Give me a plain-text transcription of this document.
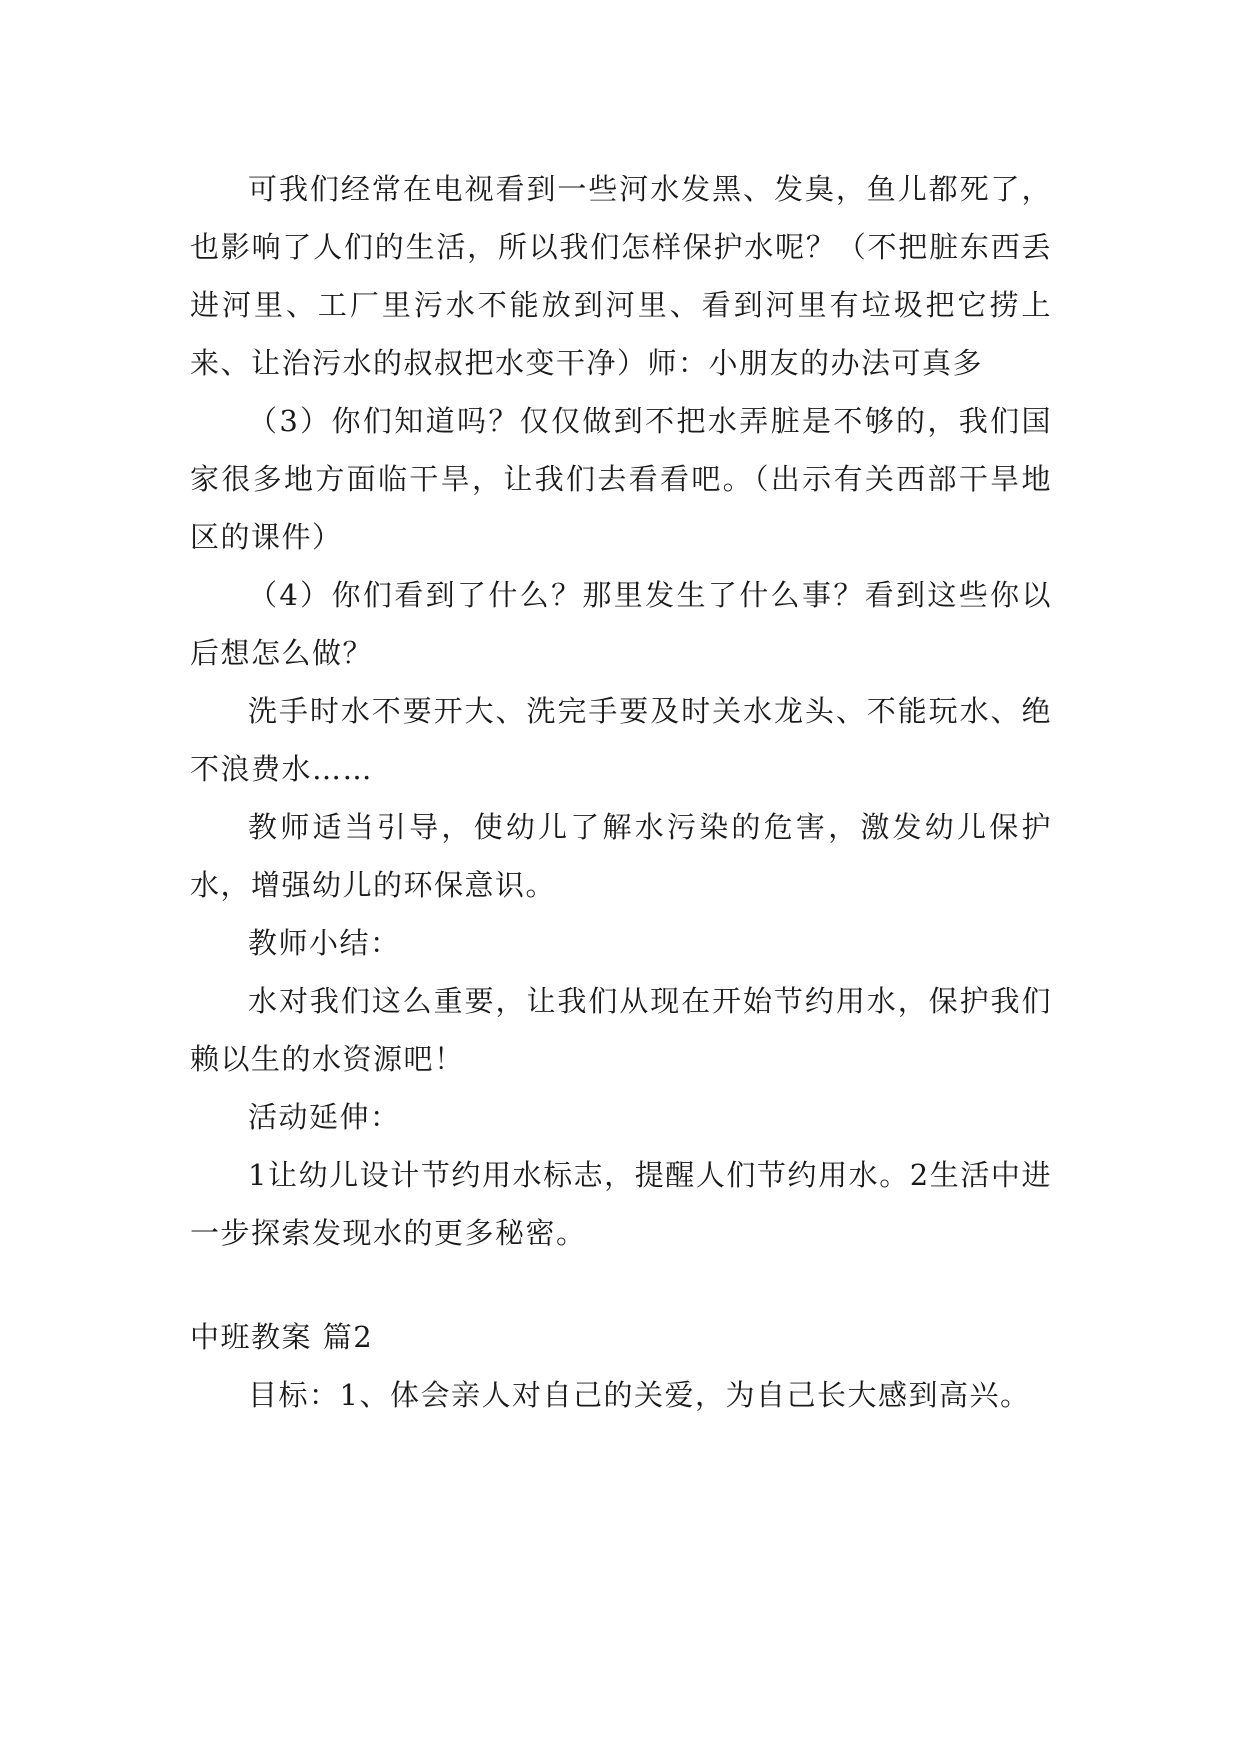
可我们经常在电视看到一些河水发黑、发臭，鱼儿都死了，也影响了人们的生活，所以我们怎样保护水呢？（不把脏东西丢进河里、工厂里污水不能放到河里、看到河里有垃圾把它捞上来、让治污水的叔叔把水变干净）师：小朋友的办法可真多

（3）你们知道吗？仅仅做到不把水弄脏是不够的，我们国家很多地方面临干旱，让我们去看看吧。（出示有关西部干旱地区的课件）

（4）你们看到了什么？那里发生了什么事？看到这些你以后想怎么做？

洗手时水不要开大、洗完手要及时关水龙头、不能玩水、绝不浪费水……

教师适当引导，使幼儿了解水污染的危害，激发幼儿保护水，增强幼儿的环保意识。

教师小结：

水对我们这么重要，让我们从现在开始节约用水，保护我们赖以生的水资源吧！

活动延伸：

1让幼儿设计节约用水标志，提醒人们节约用水。2生活中进一步探索发现水的更多秘密。

中班教案 篇2

目标：1、体会亲人对自己的关爱，为自己长大感到高兴。
